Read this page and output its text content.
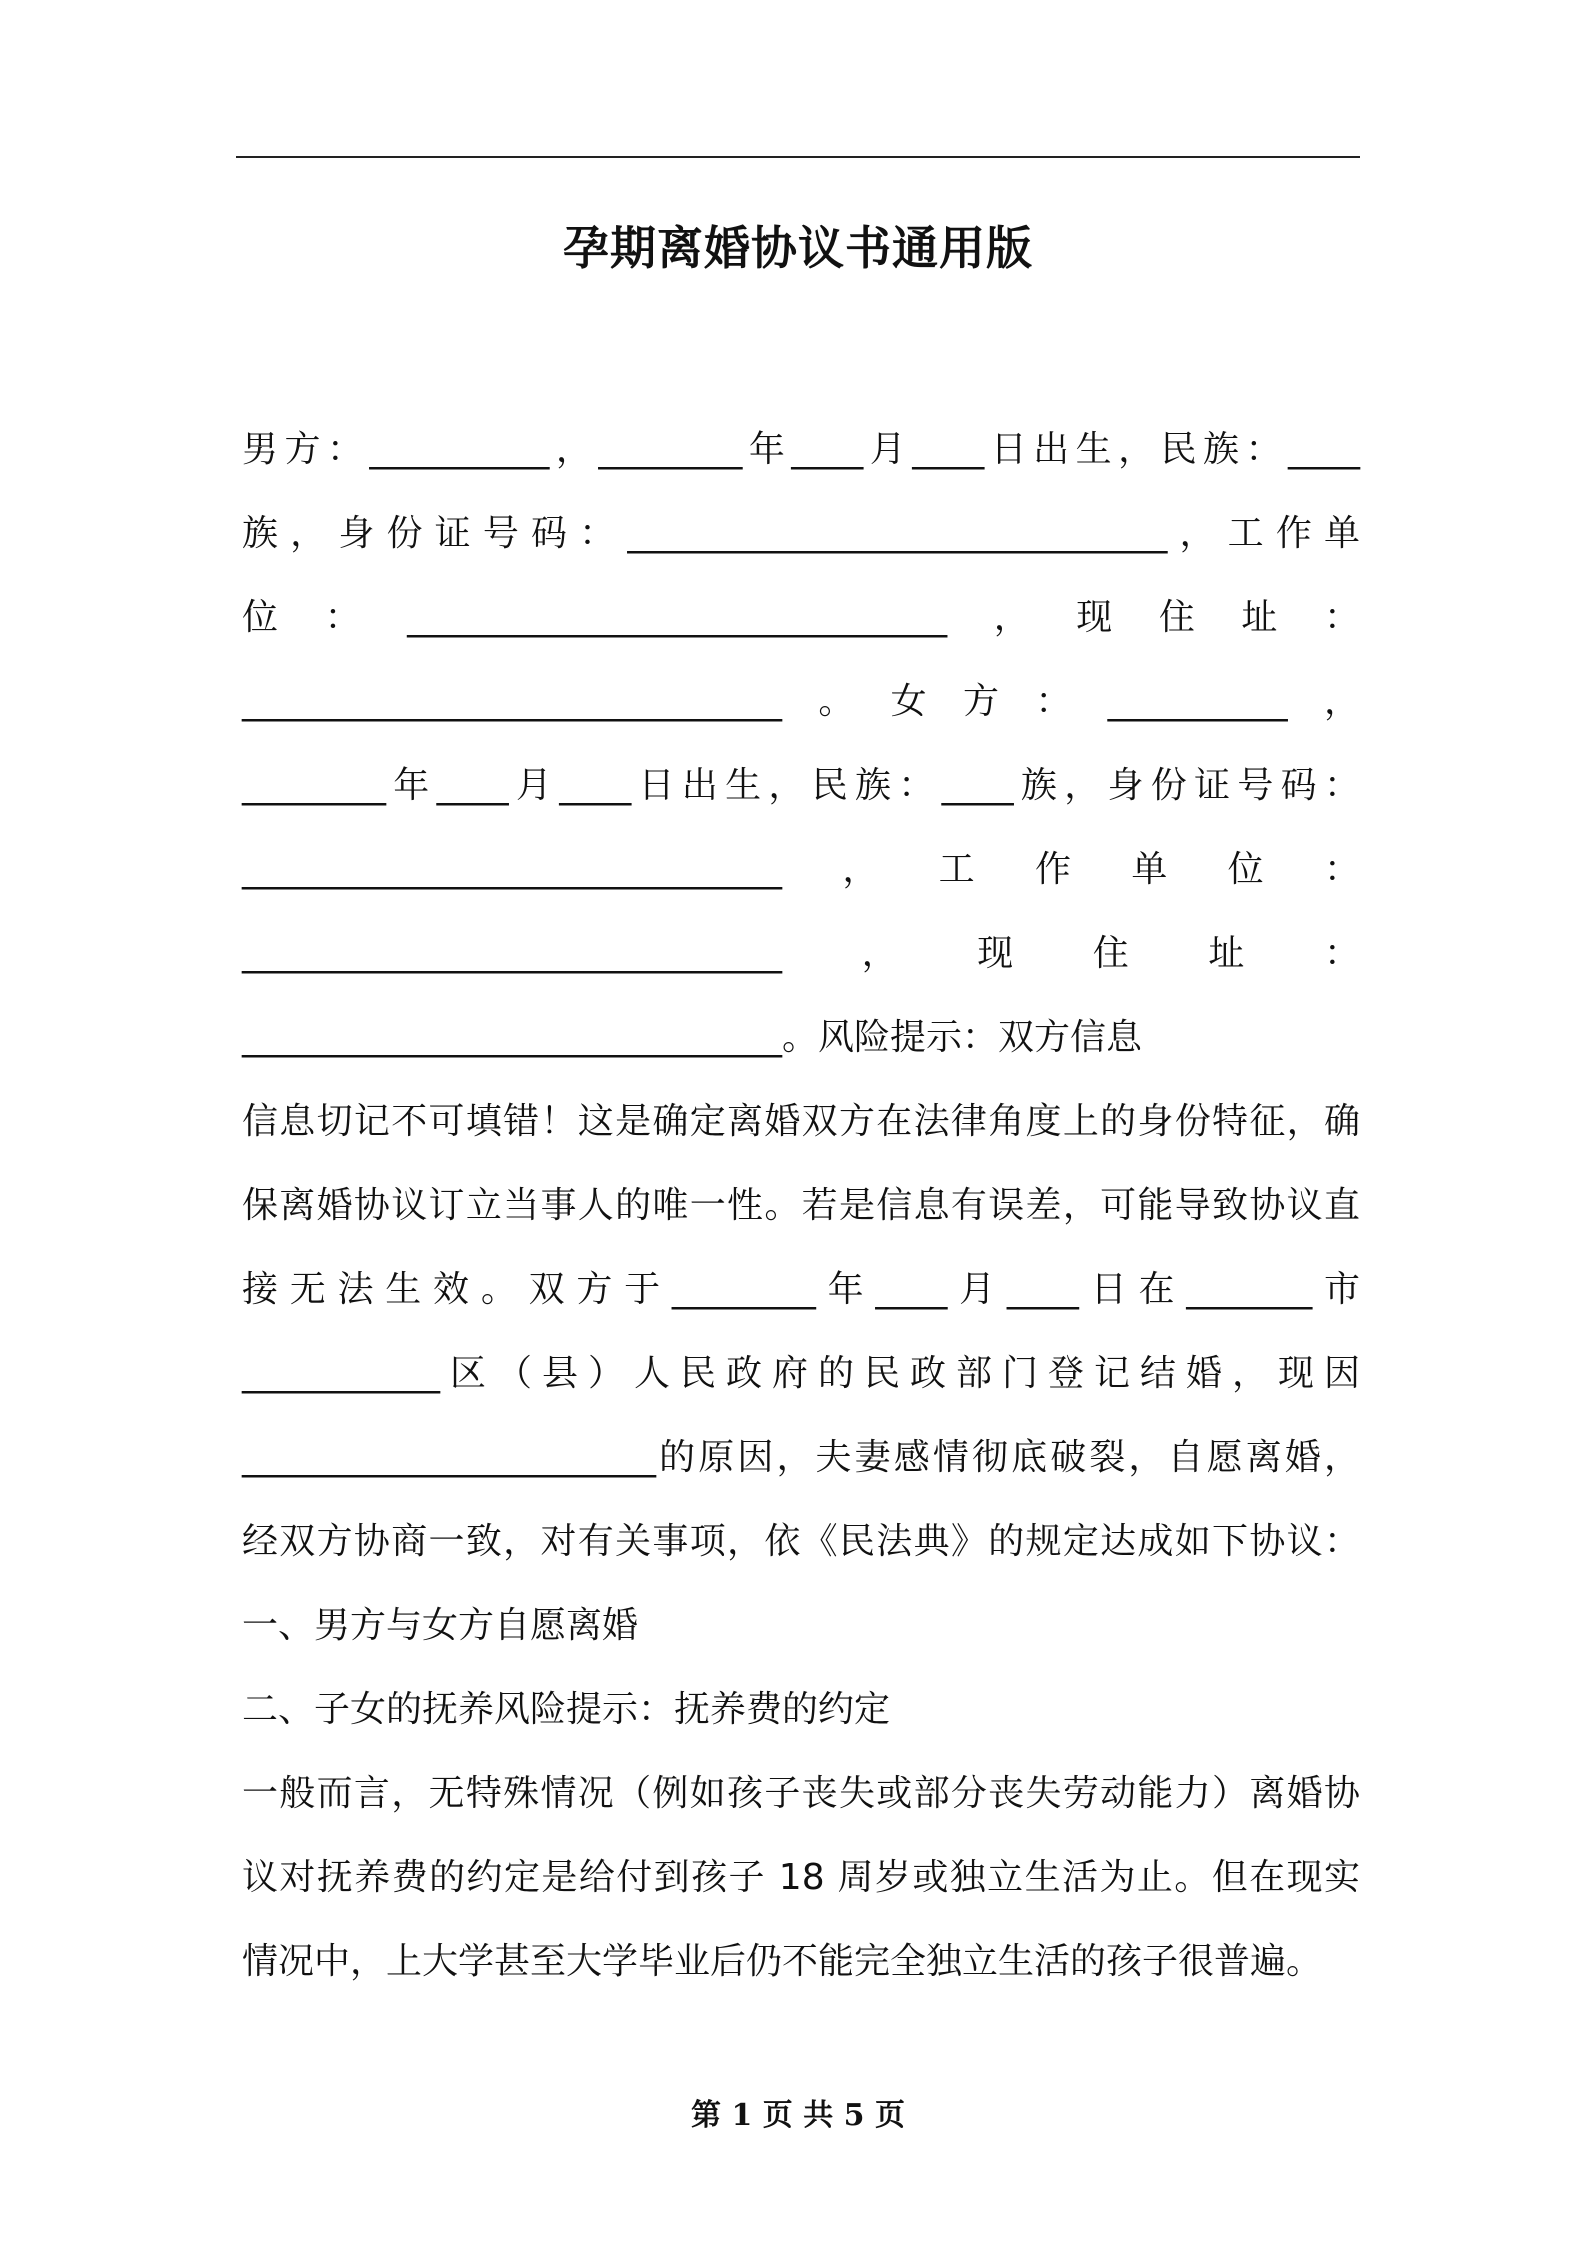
孕期离婚协议书通用版
男方：__________，________年____月____日出生，民族：____
族，身份证号码：______________________________，工作单
位：______________________________，现住址：
______________________________。女方：__________，
________年____月____日出生，民族：____族，身份证号码：
______________________________，工作单位：
______________________________，现住址：
______________________________。风险提示：双方信息
信息切记不可填错！这是确定离婚双方在法律角度上的身份特征，确
保离婚协议订立当事人的唯一性。若是信息有误差，可能导致协议直
接无法生效。双方于________年____月____日在_______市
___________区（县）人民政府的民政部门登记结婚，现因
_______________________的原因，夫妻感情彻底破裂，自愿离婚，
经双方协商一致，对有关事项，依《民法典》的规定达成如下协议：
一、男方与女方自愿离婚
二、子女的抚养风险提示：抚养费的约定
一般而言，无特殊情况（例如孩子丧失或部分丧失劳动能力）离婚协
议对抚养费的约定是给付到孩子 18 周岁或独立生活为止。但在现实
情况中，上大学甚至大学毕业后仍不能完全独立生活的孩子很普遍。
第 1 页 共 5 页
